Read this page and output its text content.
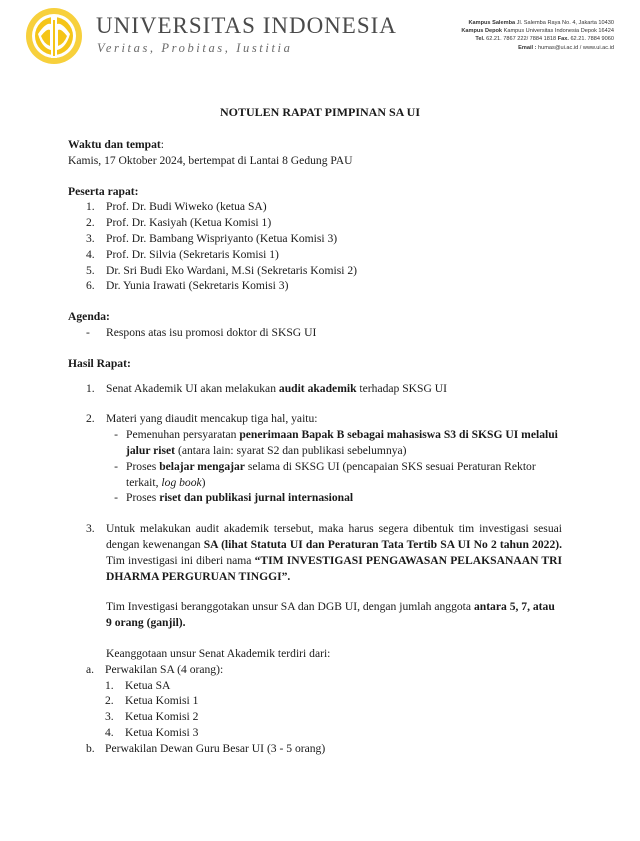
UNIVERSITAS INDONESIA
Veritas, Probitas, Iustitia
Kampus Salemba Jl. Salemba Raya No. 4, Jakarta 10430
Kampus Depok Kampus Universitas Indonesia Depok 16424
Tel. 62.21. 7867 222/ 7884 1818 Fax. 62.21. 7884 9060
Email : humas@ui.ac.id / www.ui.ac.id
NOTULEN RAPAT PIMPINAN SA UI
Waktu dan tempat:
Kamis, 17 Oktober 2024, bertempat di Lantai 8 Gedung PAU
Peserta rapat:
1. Prof. Dr. Budi Wiweko (ketua SA)
2. Prof. Dr. Kasiyah (Ketua Komisi 1)
3. Prof. Dr. Bambang Wispriyanto (Ketua Komisi 3)
4. Prof. Dr. Silvia (Sekretaris Komisi 1)
5. Dr. Sri Budi Eko Wardani, M.Si (Sekretaris Komisi 2)
6. Dr. Yunia Irawati (Sekretaris Komisi 3)
Agenda:
-	Respons atas isu promosi doktor di SKSG UI
Hasil Rapat:
1. Senat Akademik UI akan melakukan audit akademik terhadap SKSG UI
2. Materi yang diaudit mencakup tiga hal, yaitu:
- Pemenuhan persyaratan penerimaan Bapak B sebagai mahasiswa S3 di SKSG UI melalui jalur riset (antara lain: syarat S2 dan publikasi sebelumnya)
- Proses belajar mengajar selama di SKSG UI (pencapaian SKS sesuai Peraturan Rektor terkait, log book)
- Proses riset dan publikasi jurnal internasional
3. Untuk melakukan audit akademik tersebut, maka harus segera dibentuk tim investigasi sesuai dengan kewenangan SA (lihat Statuta UI dan Peraturan Tata Tertib SA UI No 2 tahun 2022). Tim investigasi ini diberi nama “TIM INVESTIGASI PENGAWASAN PELAKSANAAN TRI DHARMA PERGURUAN TINGGI”.
Tim Investigasi beranggotakan unsur SA dan DGB UI, dengan jumlah anggota antara 5, 7, atau 9 orang (ganjil).
Keanggotaan unsur Senat Akademik terdiri dari:
a. Perwakilan SA (4 orang):
1. Ketua SA
2. Ketua Komisi 1
3. Ketua Komisi 2
4. Ketua Komisi 3
b. Perwakilan Dewan Guru Besar UI (3 - 5 orang)
